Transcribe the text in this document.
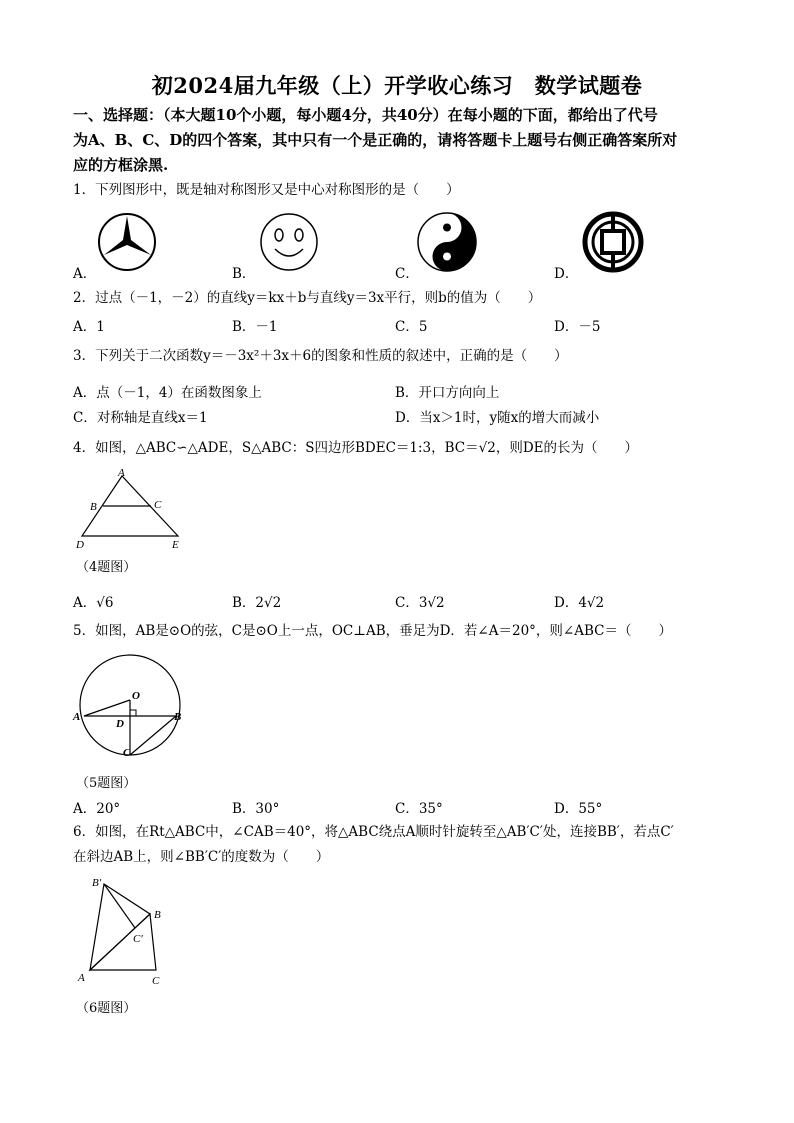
初2024届九年级（上）开学收心练习　数学试题卷
一、选择题：（本大题10个小题，每小题4分，共40分）在每小题的下面，都给出了代号
为A、B、C、D的四个答案，其中只有一个是正确的，请将答题卡上题号右侧正确答案所对
应的方框涂黑.
1．下列图形中，既是轴对称图形又是中心对称图形的是（　　）
A．	B．	C．	D．
2．过点（－1，－2）的直线y＝kx＋b与直线y＝3x平行，则b的值为（　　）
A．1	B．－1	C．5	D．－5
3．下列关于二次函数y＝－3x²＋3x＋6的图象和性质的叙述中，正确的是（　　）
A．点（－1，4）在函数图象上	B．开口方向向上
C．对称轴是直线x＝1	D．当x＞1时，y随x的增大而减小
4．如图，△ABC∽△ADE，S△ABC：S四边形BDEC＝1:3，BC＝√2，则DE的长为（　　）
A
B	C
D	E
（4题图）
A．√6	B．2√2	C．3√2	D．4√2
5．如图，AB是⊙O的弦，C是⊙O上一点，OC⊥AB，垂足为D．若∠A＝20°，则∠ABC＝（　　）
O
A
D
B
C
（5题图）
A．20°	B．30°	C．35°	D．55°
6．如图，在Rt△ABC中，∠CAB＝40°，将△ABC绕点A顺时针旋转至△AB′C′处，连接BB′，若点C′
在斜边AB上，则∠BB′C′的度数为（　　）
B′
B
C′
A	C
（6题图）
